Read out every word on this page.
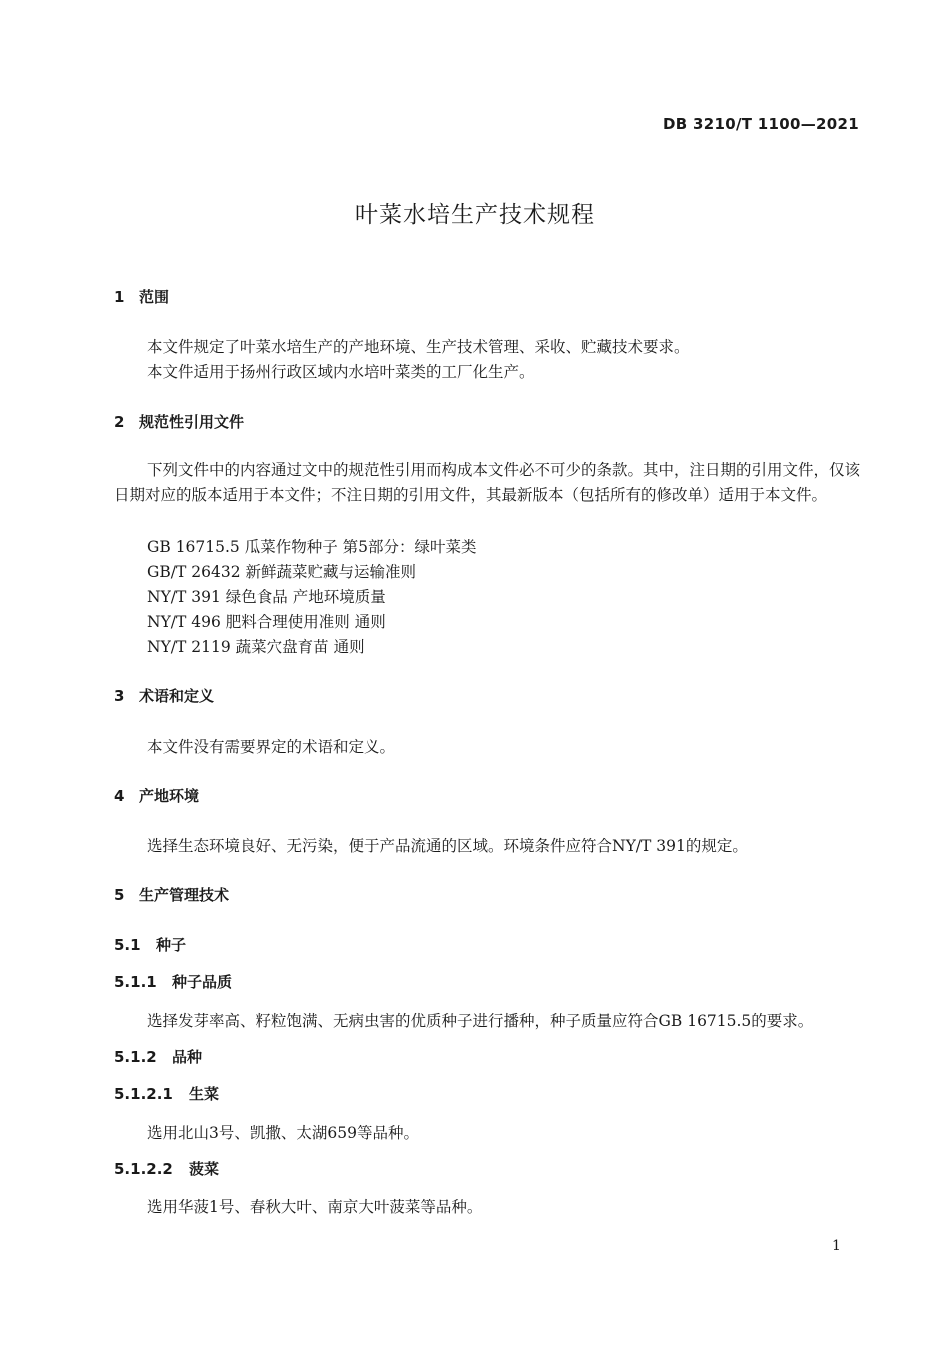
DB 3210/T 1100—2021
叶菜水培生产技术规程
1 范围
本文件规定了叶菜水培生产的产地环境、生产技术管理、采收、贮藏技术要求。
本文件适用于扬州行政区域内水培叶菜类的工厂化生产。
2 规范性引用文件
下列文件中的内容通过文中的规范性引用而构成本文件必不可少的条款。其中，注日期的引用文件，仅该日期对应的版本适用于本文件；不注日期的引用文件，其最新版本（包括所有的修改单）适用于本文件。
GB 16715.5 瓜菜作物种子 第5部分：绿叶菜类
GB/T 26432 新鲜蔬菜贮藏与运输准则
NY/T 391 绿色食品 产地环境质量
NY/T 496 肥料合理使用准则 通则
NY/T 2119 蔬菜穴盘育苗 通则
3 术语和定义
本文件没有需要界定的术语和定义。
4 产地环境
选择生态环境良好、无污染，便于产品流通的区域。环境条件应符合NY/T 391的规定。
5 生产管理技术
5.1 种子
5.1.1 种子品质
选择发芽率高、籽粒饱满、无病虫害的优质种子进行播种，种子质量应符合GB 16715.5的要求。
5.1.2 品种
5.1.2.1 生菜
选用北山3号、凯撒、太湖659等品种。
5.1.2.2 菠菜
选用华菠1号、春秋大叶、南京大叶菠菜等品种。
1
